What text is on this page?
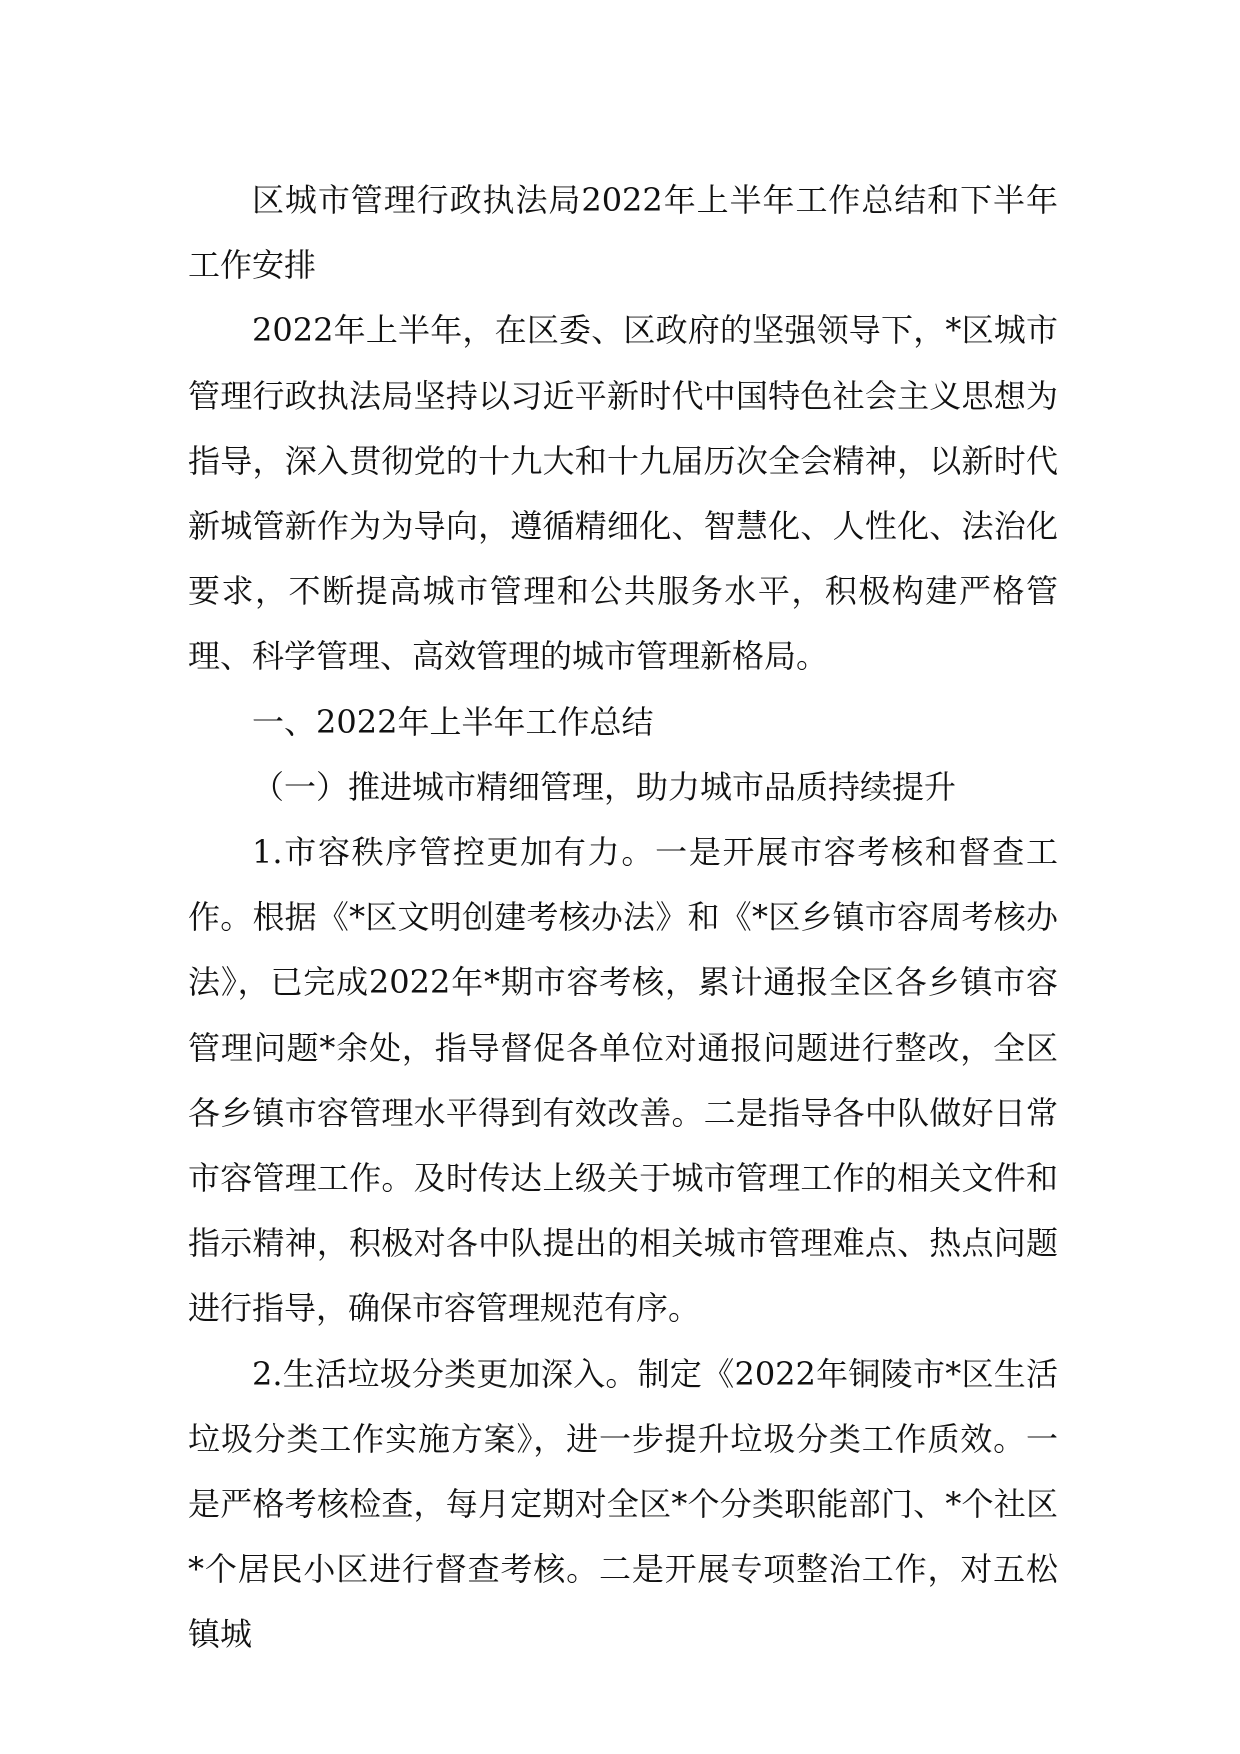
区城市管理行政执法局2022年上半年工作总结和下半年工作安排

2022年上半年，在区委、区政府的坚强领导下，*区城市管理行政执法局坚持以习近平新时代中国特色社会主义思想为指导，深入贯彻党的十九大和十九届历次全会精神，以新时代新城管新作为为导向，遵循精细化、智慧化、人性化、法治化要求，不断提高城市管理和公共服务水平，积极构建严格管理、科学管理、高效管理的城市管理新格局。

一、2022年上半年工作总结

（一）推进城市精细管理，助力城市品质持续提升

1.市容秩序管控更加有力。一是开展市容考核和督查工作。根据《*区文明创建考核办法》和《*区乡镇市容周考核办法》，已完成2022年*期市容考核，累计通报全区各乡镇市容管理问题*余处，指导督促各单位对通报问题进行整改，全区各乡镇市容管理水平得到有效改善。二是指导各中队做好日常市容管理工作。及时传达上级关于城市管理工作的相关文件和指示精神，积极对各中队提出的相关城市管理难点、热点问题进行指导，确保市容管理规范有序。

2.生活垃圾分类更加深入。制定《2022年铜陵市*区生活垃圾分类工作实施方案》，进一步提升垃圾分类工作质效。一是严格考核检查，每月定期对全区*个分类职能部门、*个社区*个居民小区进行督查考核。二是开展专项整治工作，对五松镇城
